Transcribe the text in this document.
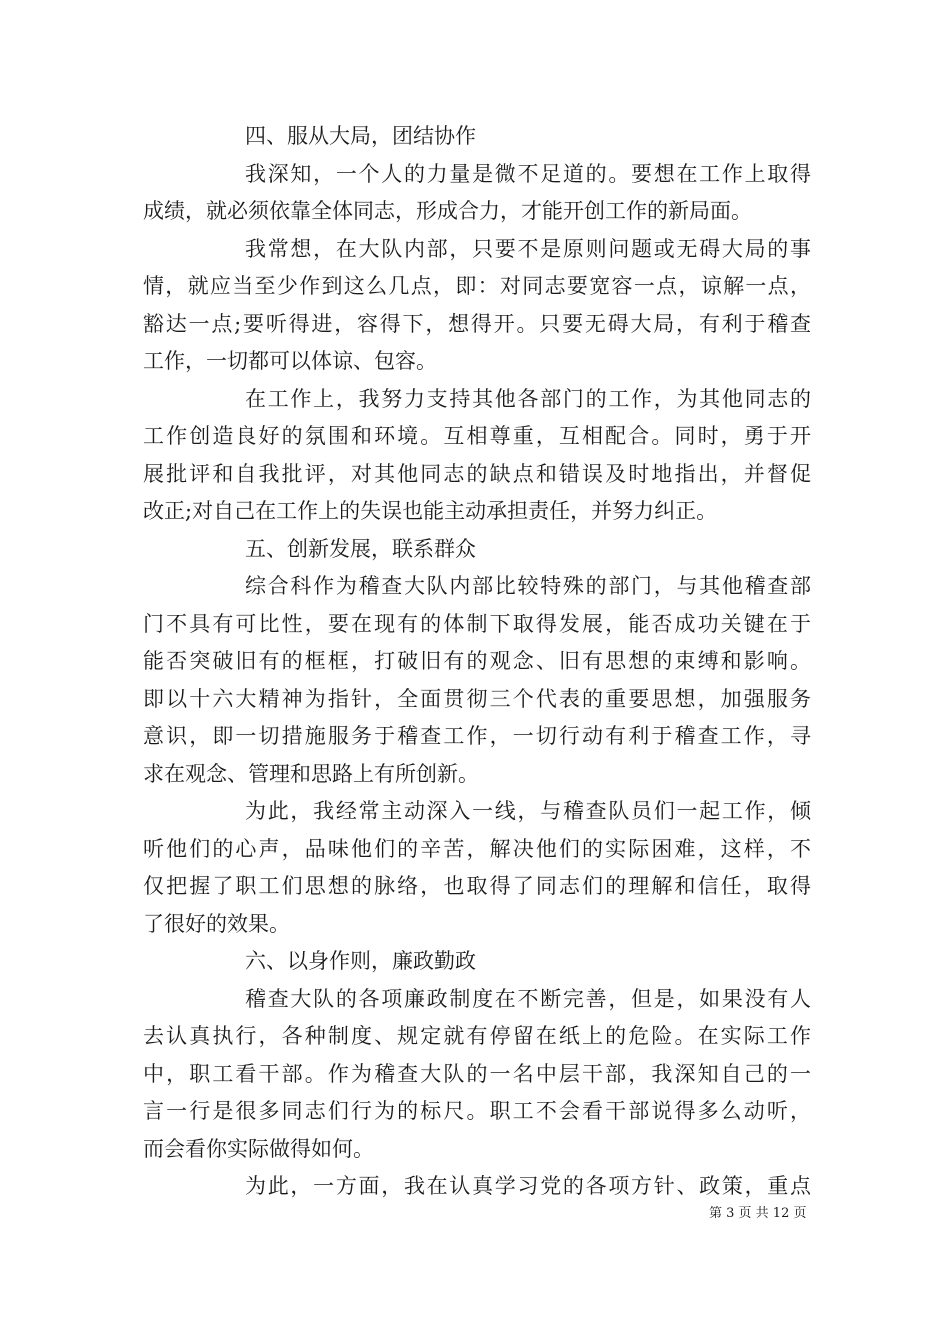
四、服从大局，团结协作
我深知，一个人的力量是微不足道的。要想在工作上取得
成绩，就必须依靠全体同志，形成合力，才能开创工作的新局面。
我常想，在大队内部，只要不是原则问题或无碍大局的事
情，就应当至少作到这么几点，即：对同志要宽容一点，谅解一点，
豁达一点;要听得进，容得下，想得开。只要无碍大局，有利于稽查
工作，一切都可以体谅、包容。
在工作上，我努力支持其他各部门的工作，为其他同志的
工作创造良好的氛围和环境。互相尊重，互相配合。同时，勇于开
展批评和自我批评，对其他同志的缺点和错误及时地指出，并督促
改正;对自己在工作上的失误也能主动承担责任，并努力纠正。
五、创新发展，联系群众
综合科作为稽查大队内部比较特殊的部门，与其他稽查部
门不具有可比性，要在现有的体制下取得发展，能否成功关键在于
能否突破旧有的框框，打破旧有的观念、旧有思想的束缚和影响。
即以十六大精神为指针，全面贯彻三个代表的重要思想，加强服务
意识，即一切措施服务于稽查工作，一切行动有利于稽查工作，寻
求在观念、管理和思路上有所创新。
为此，我经常主动深入一线，与稽查队员们一起工作，倾
听他们的心声，品味他们的辛苦，解决他们的实际困难，这样，不
仅把握了职工们思想的脉络，也取得了同志们的理解和信任，取得
了很好的效果。
六、以身作则，廉政勤政
稽查大队的各项廉政制度在不断完善，但是，如果没有人
去认真执行，各种制度、规定就有停留在纸上的危险。在实际工作
中，职工看干部。作为稽查大队的一名中层干部，我深知自己的一
言一行是很多同志们行为的标尺。职工不会看干部说得多么动听，
而会看你实际做得如何。
为此，一方面，我在认真学习党的各项方针、政策，重点
第 3 页 共 12 页
